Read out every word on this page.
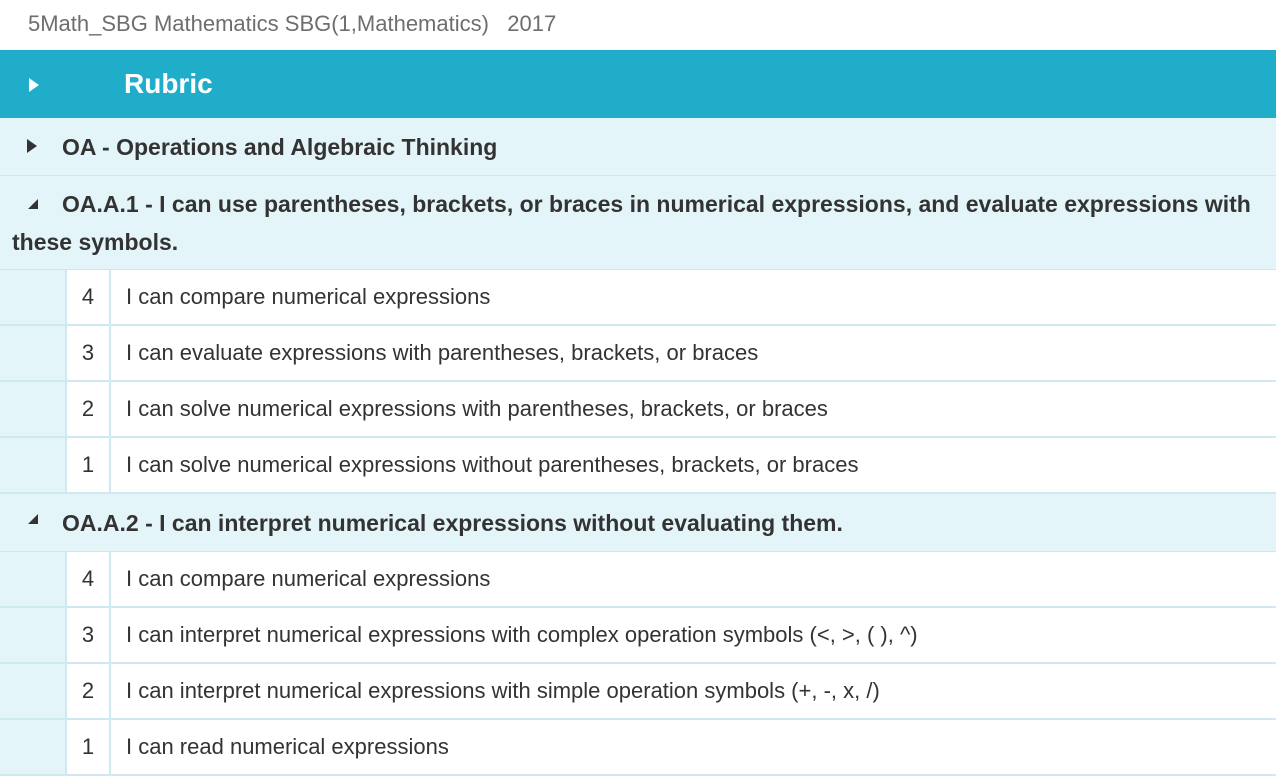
5Math_SBG Mathematics SBG(1,Mathematics) 2017
Rubric
OA - Operations and Algebraic Thinking
OA.A.1 - I can use parentheses, brackets, or braces in numerical expressions, and evaluate expressions with these symbols.
4	I can compare numerical expressions
3	I can evaluate expressions with parentheses, brackets, or braces
2	I can solve numerical expressions with parentheses, brackets, or braces
1	I can solve numerical expressions without parentheses, brackets, or braces
OA.A.2 - I can interpret numerical expressions without evaluating them.
4	I can compare numerical expressions
3	I can interpret numerical expressions with complex operation symbols (<, >, ( ), ^)
2	I can interpret numerical expressions with simple operation symbols (+, -, x, /)
1	I can read numerical expressions
